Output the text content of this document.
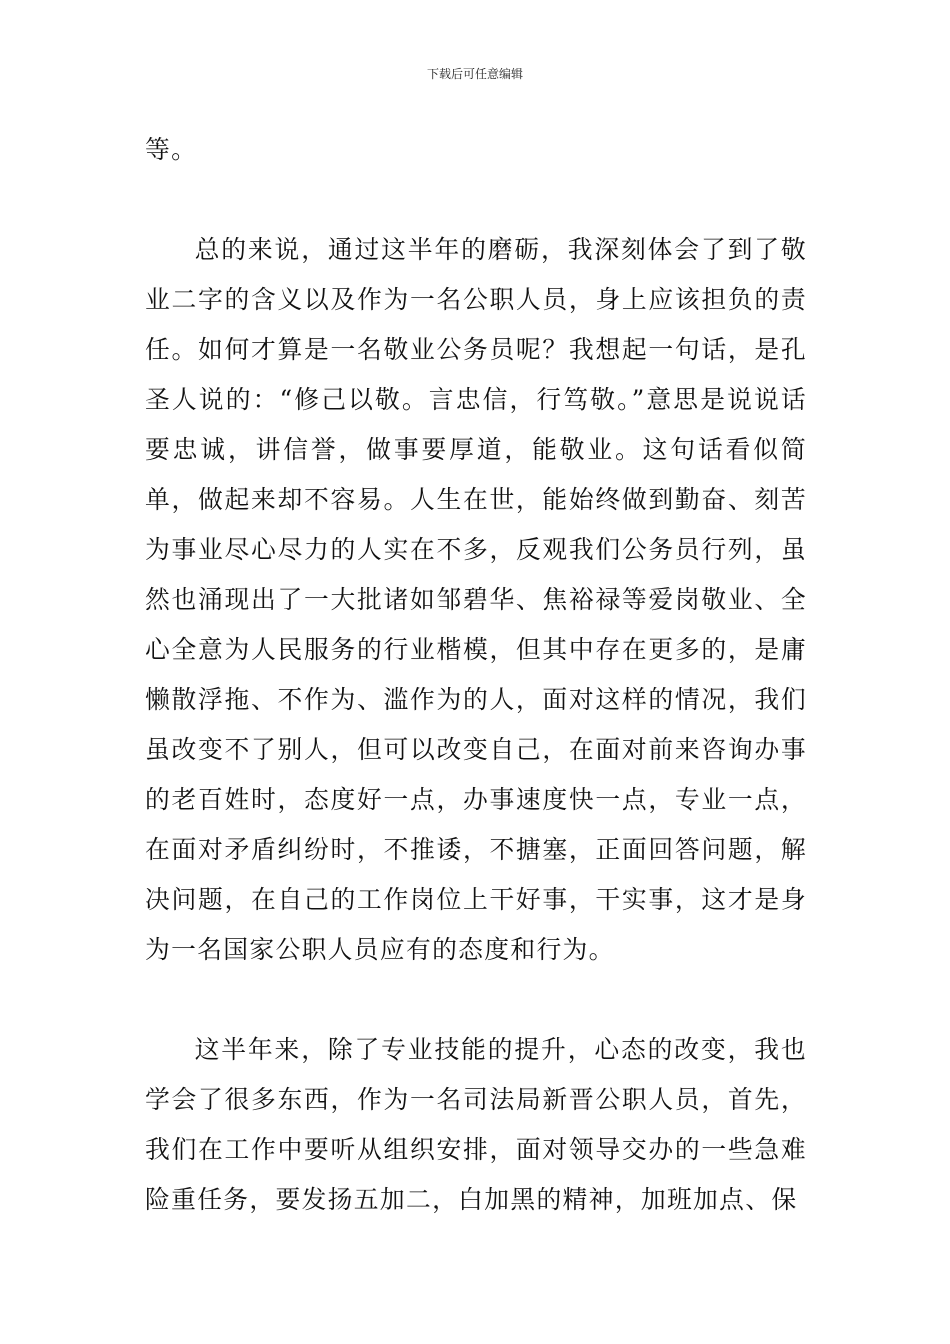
下载后可任意编辑

等。

总的来说，通过这半年的磨砺，我深刻体会了到了敬业二字的含义以及作为一名公职人员，身上应该担负的责任。如何才算是一名敬业公务员呢？我想起一句话，是孔圣人说的：“修己以敬。言忠信，行笃敬。”意思是说说话要忠诚，讲信誉，做事要厚道，能敬业。这句话看似简单，做起来却不容易。人生在世，能始终做到勤奋、刻苦为事业尽心尽力的人实在不多，反观我们公务员行列，虽然也涌现出了一大批诸如邹碧华、焦裕禄等爱岗敬业、全心全意为人民服务的行业楷模，但其中存在更多的，是庸懒散浮拖、不作为、滥作为的人，面对这样的情况，我们虽改变不了别人，但可以改变自己，在面对前来咨询办事的老百姓时，态度好一点，办事速度快一点，专业一点，在面对矛盾纠纷时，不推诿，不搪塞，正面回答问题，解决问题，在自己的工作岗位上干好事，干实事，这才是身为一名国家公职人员应有的态度和行为。

这半年来，除了专业技能的提升，心态的改变，我也学会了很多东西，作为一名司法局新晋公职人员，首先，我们在工作中要听从组织安排，面对领导交办的一些急难险重任务，要发扬五加二，白加黑的精神，加班加点、保
